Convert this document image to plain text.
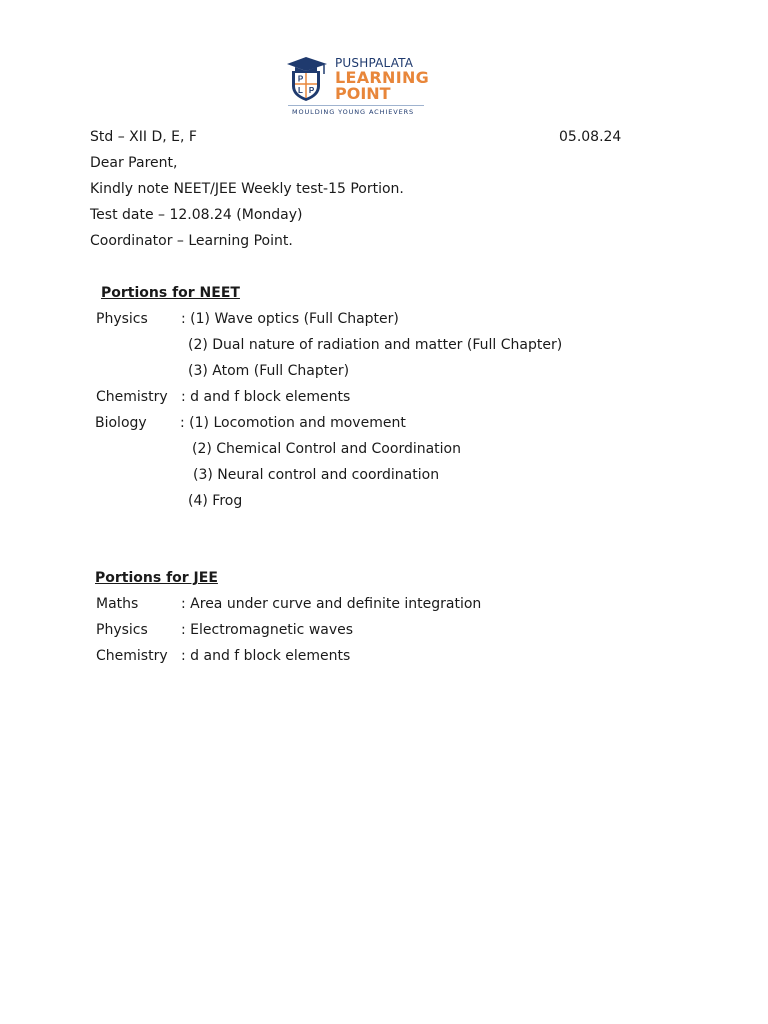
P
L P
PUSHPALATA
LEARNING
POINT
MOULDING YOUNG ACHIEVERS
Std – XII D, E, F	05.08.24
Dear Parent,
Kindly note NEET/JEE Weekly test-15 Portion.
Test date – 12.08.24 (Monday)
Coordinator – Learning Point.
Portions for NEET
Physics : (1) Wave optics (Full Chapter)
(2) Dual nature of radiation and matter (Full Chapter)
(3) Atom (Full Chapter)
Chemistry : d and f block elements
Biology : (1) Locomotion and movement
(2) Chemical Control and Coordination
(3) Neural control and coordination
(4) Frog
Portions for JEE
Maths	: Area under curve and definite integration
Physics : Electromagnetic waves
Chemistry : d and f block elements
